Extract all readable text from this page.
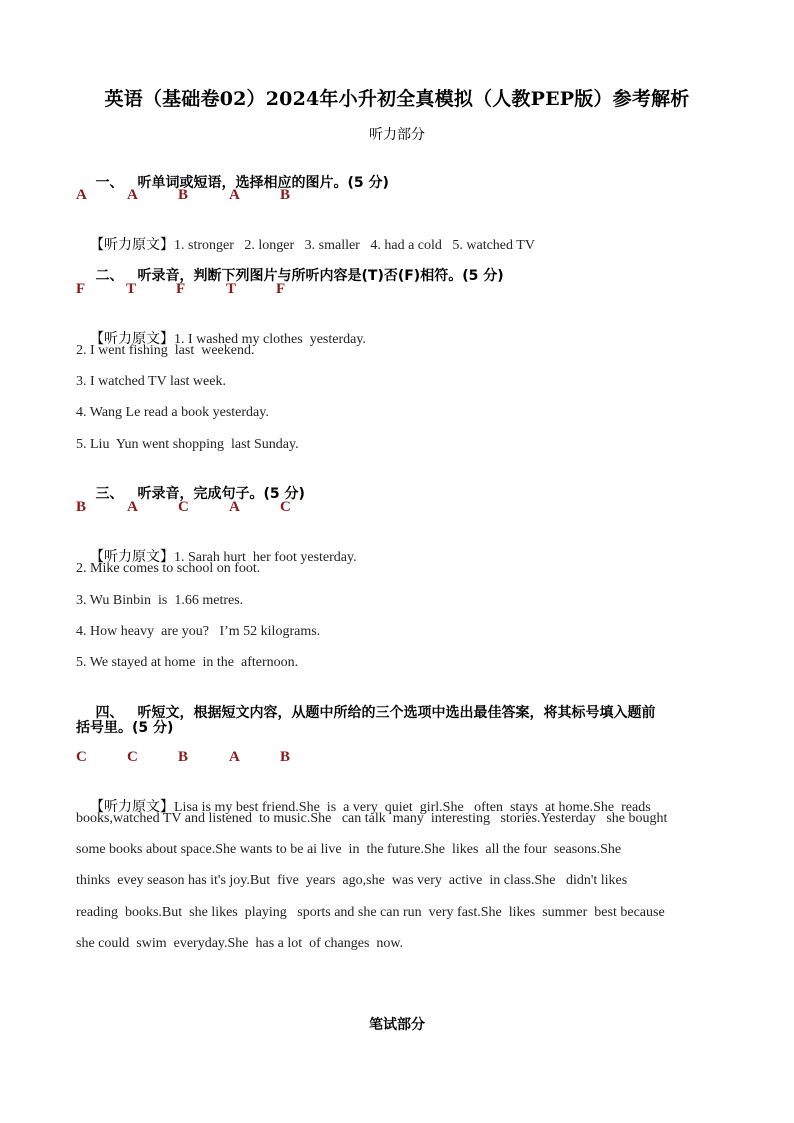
英语（基础卷02）2024年小升初全真模拟（人教PEP版）参考解析
听力部分

一、 听单词或短语，选择相应的图片。(5 分)

A	A	B	A	B

【听力原文】1. stronger   2. longer   3. smaller   4. had a cold   5. watched TV

二、 听录音，判断下列图片与所听内容是(T)否(F)相符。(5 分)

F	T	F	T	F

【听力原文】1. I washed my clothes  yesterday.

2. I went fishing  last  weekend.
3. I watched TV last week.
4. Wang Le read a book yesterday.
5. Liu  Yun went shopping  last Sunday.

三、 听录音，完成句子。(5 分)

B	A	C	A	C

【听力原文】1. Sarah hurt  her foot yesterday.

2. Mike comes to school on foot.
3. Wu Binbin  is  1.66 metres.
4. How heavy  are you?   I’m 52 kilograms.
5. We stayed at home  in the  afternoon.

四、 听短文，根据短文内容，从题中所给的三个选项中选出最佳答案，将其标号填入题前

括号里。(5 分)
C	C	B	A	B

【听力原文】Lisa is my best friend.She  is  a very  quiet  girl.She   often  stays  at home.She  reads

books,watched TV and listened  to music.She   can talk  many  interesting   stories.Yesterday   she bought
some books about space.She wants to be ai live  in  the future.She  likes  all the four  seasons.She
thinks  evey season has it's joy.But  five  years  ago,she  was very  active  in class.She   didn't likes
reading  books.But  she likes  playing   sports and she can run  very fast.She  likes  summer  best because
she could  swim  everyday.She  has a lot  of changes  now.
笔试部分
